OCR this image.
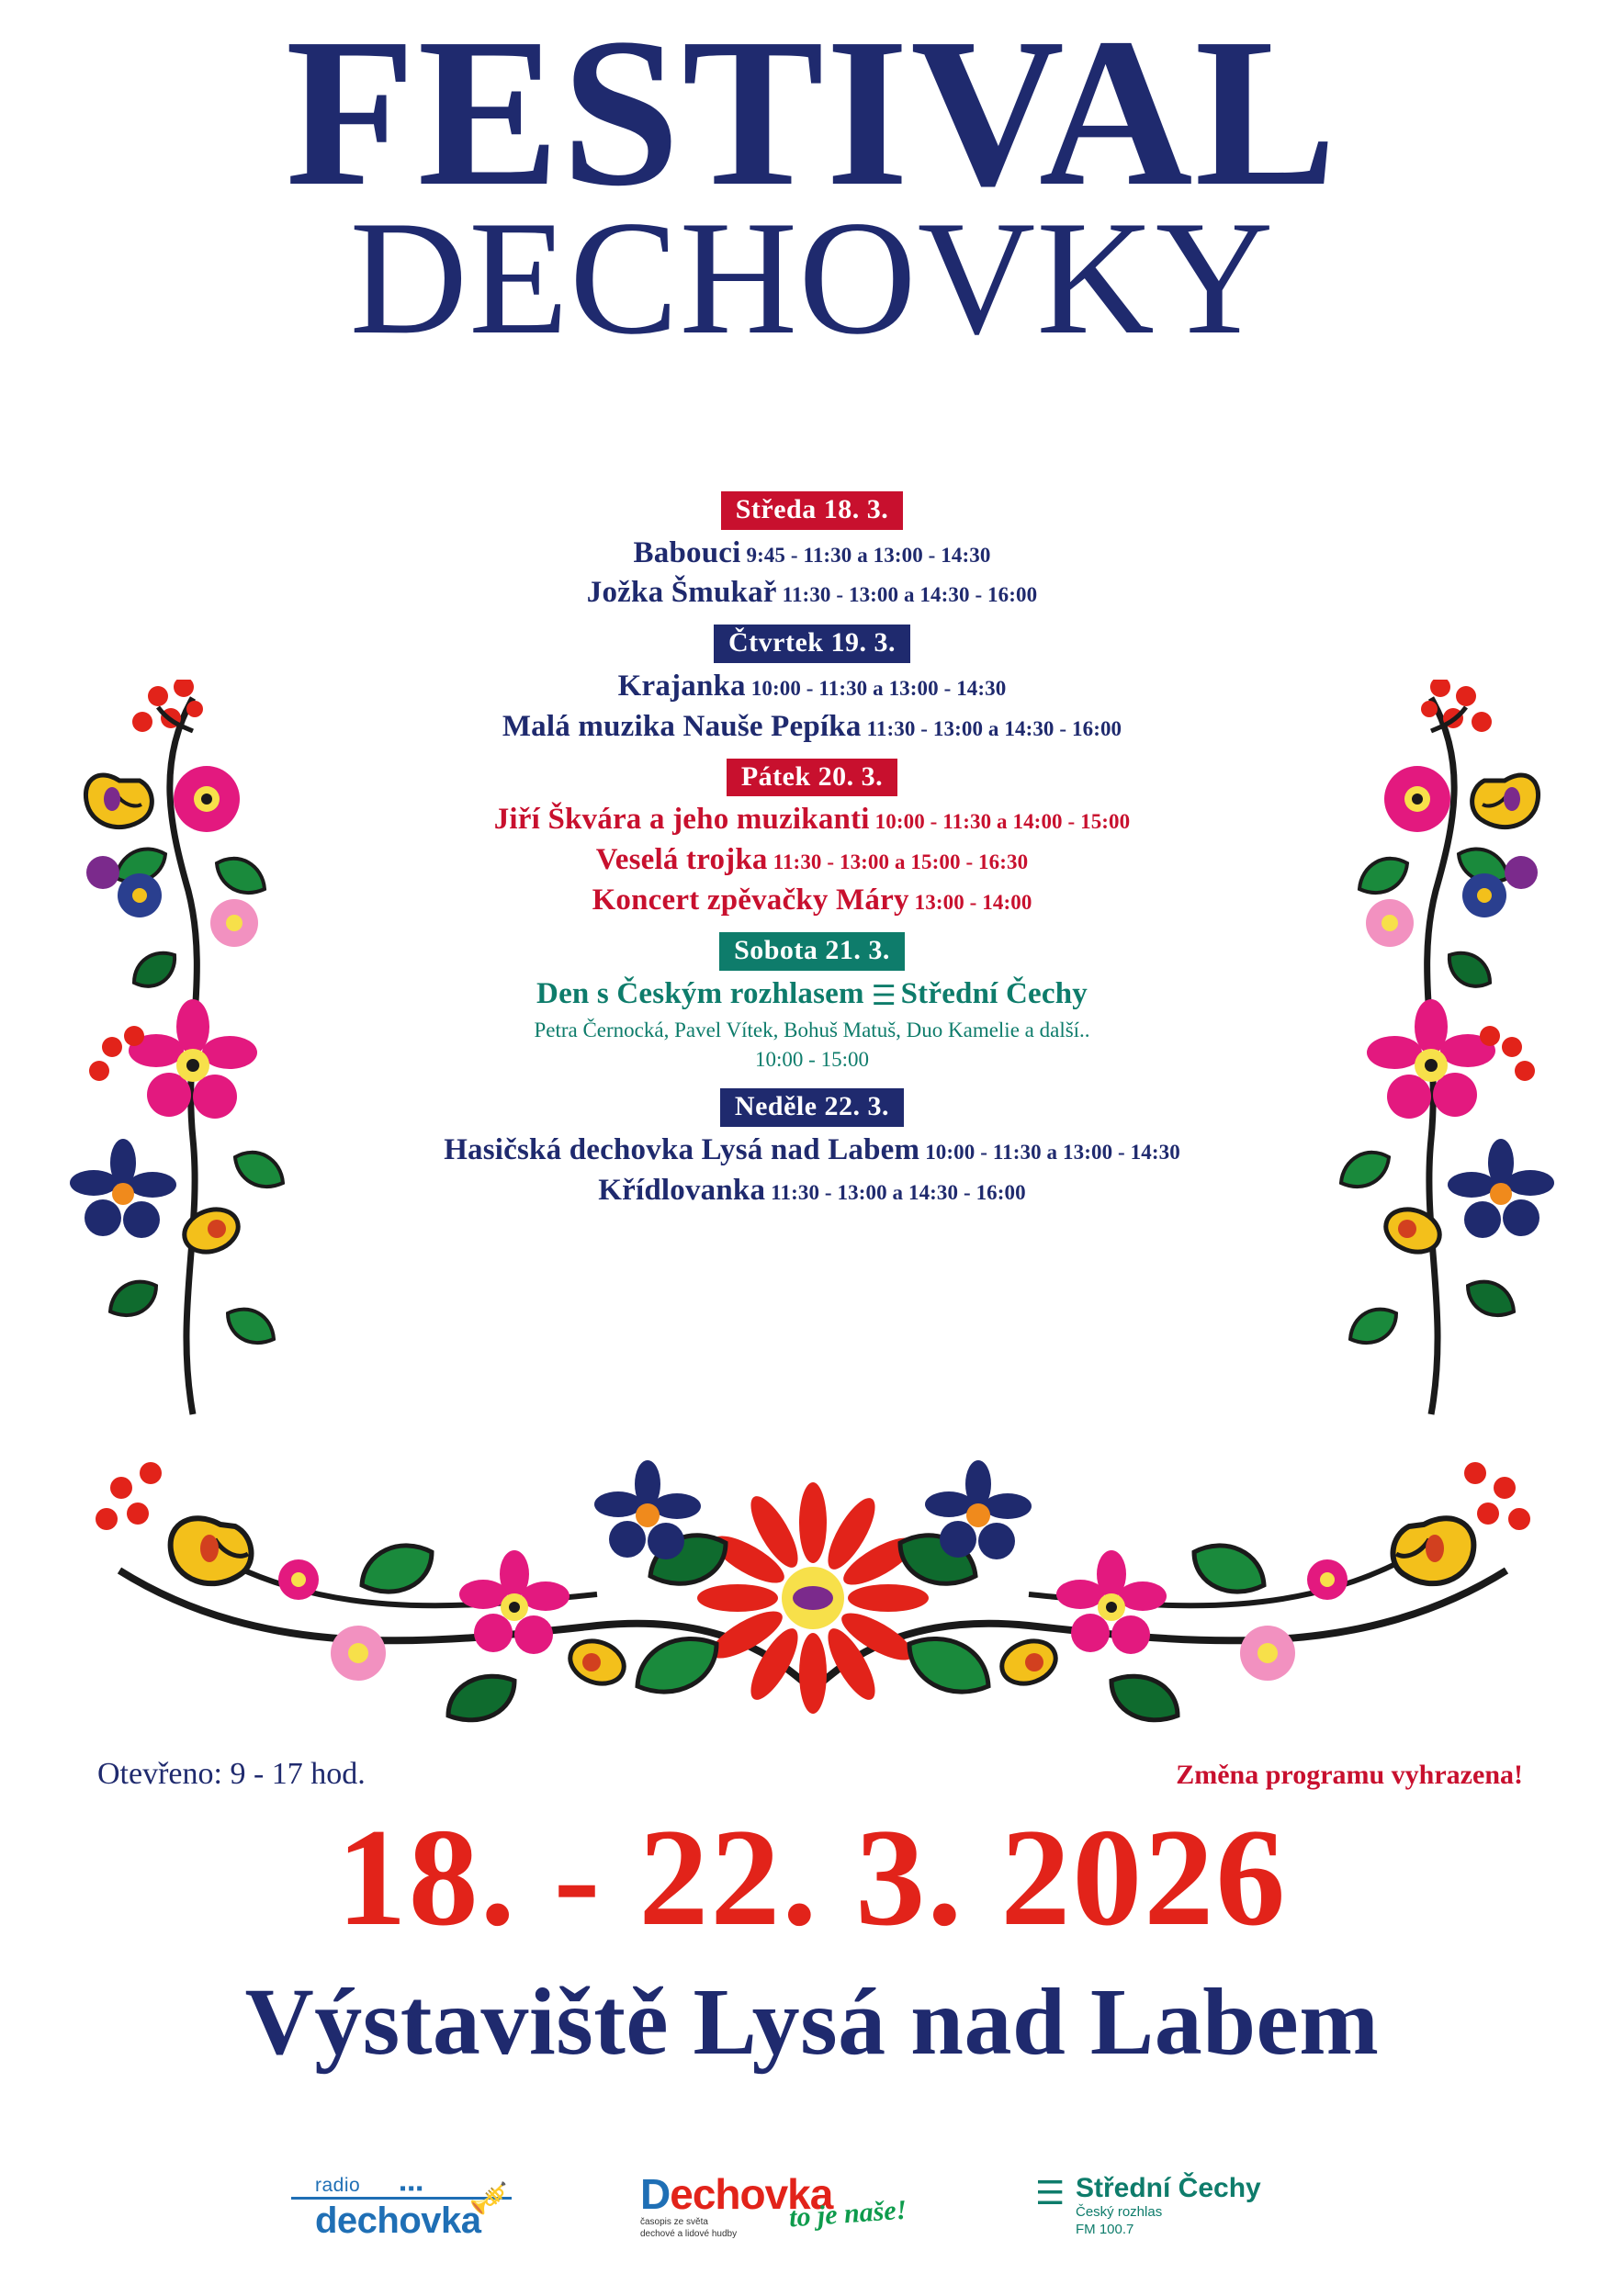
FESTIVAL
DECHOVKY
Středa 18. 3.
Babouci 9:45 - 11:30 a 13:00 - 14:30
Jožka Šmukař 11:30 - 13:00 a 14:30 - 16:00
Čtvrtek 19. 3.
Krajanka 10:00 - 11:30 a 13:00 - 14:30
Malá muzika Nauše Pepíka 11:30 - 13:00 a 14:30 - 16:00
Pátek 20. 3.
Jiří Škvára a jeho muzikanti 10:00 - 11:30 a 14:00 - 15:00
Veselá trojka 11:30 - 13:00 a 15:00 - 16:30
Koncert zpěvačky Máry 13:00 - 14:00
Sobota 21. 3.
Den s Českým rozhlasem ☰ Střední Čechy
Petra Černocká, Pavel Vítek, Bohuš Matuš, Duo Kamelie a další..
10:00 - 15:00
Neděle 22. 3.
Hasičská dechovka Lysá nad Labem 10:00 - 11:30 a 13:00 - 14:30
Křídlovanka 11:30 - 13:00 a 14:30 - 16:00
Otevřeno: 9 - 17 hod.	Změna programu vyhrazena!
18. - 22. 3. 2026
Výstaviště Lysá nad Labem
▪▪▪ 🎺
radio
dechovka
Dechovka
to je naše!
časopis ze světa
dechové a lidové hudby
☰ Střední Čechy
Český rozhlas
FM 100.7
